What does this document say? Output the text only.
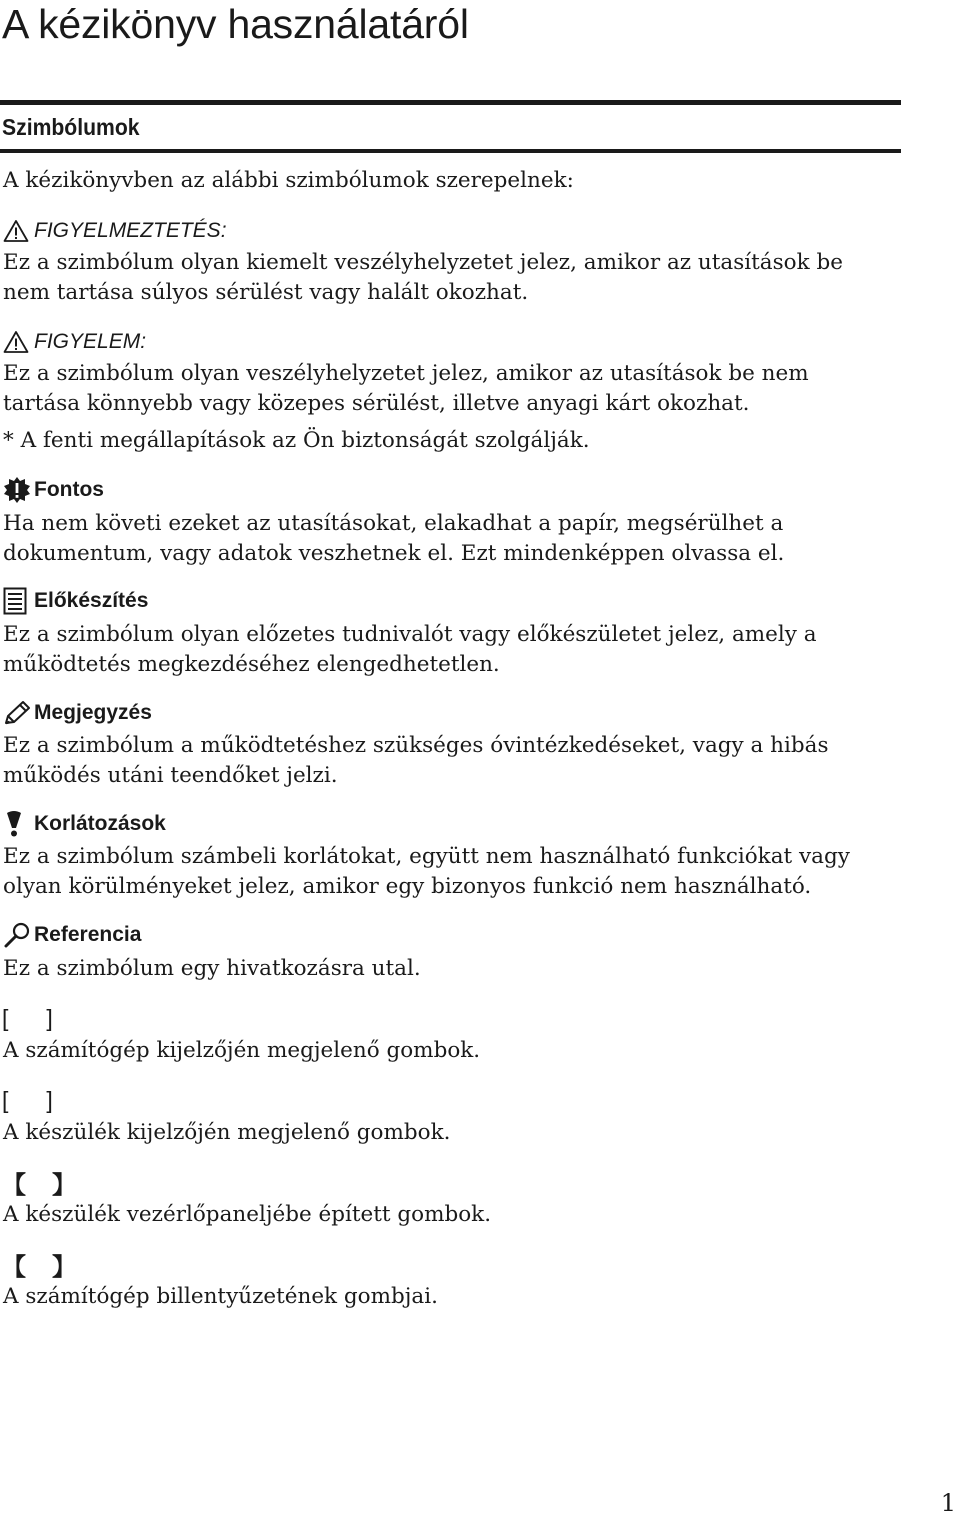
A kézikönyv használatáról
Szimbólumok
A kézikönyvben az alábbi szimbólumok szerepelnek:
FIGYELMEZTETÉS:
Ez a szimbólum olyan kiemelt veszélyhelyzetet jelez, amikor az utasítások be
nem tartása súlyos sérülést vagy halált okozhat.
FIGYELEM:
Ez a szimbólum olyan veszélyhelyzetet jelez, amikor az utasítások be nem
tartása könnyebb vagy közepes sérülést, illetve anyagi kárt okozhat.
* A fenti megállapítások az Ön biztonságát szolgálják.
Fontos
Ha nem követi ezeket az utasításokat, elakadhat a papír, megsérülhet a
dokumentum, vagy adatok veszhetnek el. Ezt mindenképpen olvassa el.
Előkészítés
Ez a szimbólum olyan előzetes tudnivalót vagy előkészületet jelez, amely a
működtetés megkezdéséhez elengedhetetlen.
Megjegyzés
Ez a szimbólum a működtetéshez szükséges óvintézkedéseket, vagy a hibás
működés utáni teendőket jelzi.
Korlátozások
Ez a szimbólum számbeli korlátokat, együtt nem használható funkciókat vagy
olyan körülményeket jelez, amikor egy bizonyos funkció nem használható.
Referencia
Ez a szimbólum egy hivatkozásra utal.
[ ]
A számítógép kijelzőjén megjelenő gombok.
[ ]
A készülék kijelzőjén megjelenő gombok.
【 】
A készülék vezérlőpaneljébe épített gombok.
【 】
A számítógép billentyűzetének gombjai.
1
